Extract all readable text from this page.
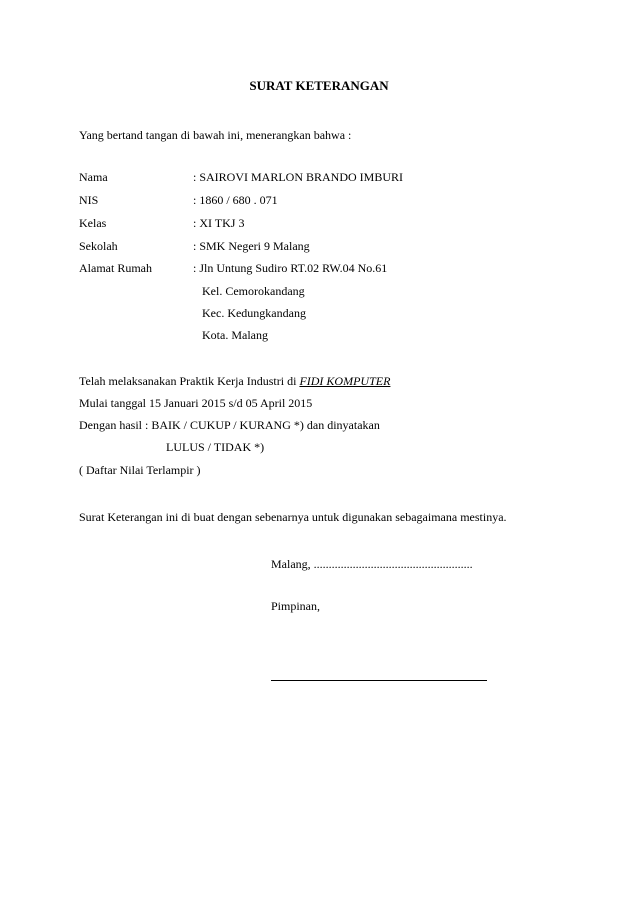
SURAT KETERANGAN
Yang bertand tangan di bawah ini, menerangkan bahwa :
Nama	: SAIROVI MARLON BRANDO IMBURI
NIS	: 1860 / 680 . 071
Kelas	: XI TKJ 3
Sekolah	: SMK Negeri 9 Malang
Alamat Rumah	: Jln Untung Sudiro RT.02 RW.04 No.61
Kel. Cemorokandang
Kec. Kedungkandang
Kota. Malang
Telah melaksanakan Praktik Kerja Industri di FIDI KOMPUTER
Mulai tanggal 15 Januari 2015 s/d 05 April 2015
Dengan hasil : BAIK / CUKUP / KURANG *) dan dinyatakan
LULUS / TIDAK *)
( Daftar Nilai Terlampir )
Surat Keterangan ini di buat dengan sebenarnya untuk digunakan sebagaimana mestinya.
Malang, .....................................................
Pimpinan,
